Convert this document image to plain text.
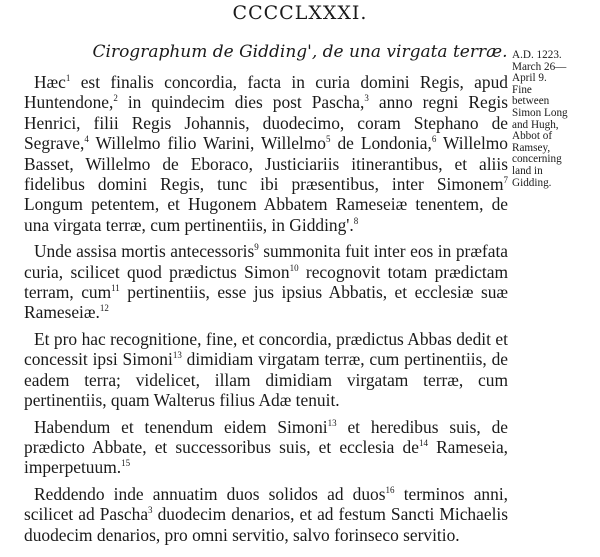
CCCCLXXXI.
Cirographum de Gidding', de una virgata terræ.

Hæc$^1$ est finalis concordia, facta in curia domini Regis, apud Huntendone,$^2$ in quindecim dies post Pascha,$^3$ anno regni Regis Henrici, filii Regis Johannis, duodecimo, coram Stephano de Segrave,$^4$ Willelmo filio Warini, Willelmo$^5$ de Londonia,$^6$ Willelmo Basset, Willelmo de Eboraco, Justiciariis itinerantibus, et aliis fidelibus domini Regis, tunc ibi præsentibus, inter Simonem$^7$ Longum petentem, et Hugonem Abbatem Rameseiæ tenentem, de una virgata terræ, cum pertinentiis, in Gidding'.$^8$

Unde assisa mortis antecessoris$^9$ summonita fuit inter eos in præfata curia, scilicet quod prædictus Simon$^{10}$ recognovit totam prædictam terram, cum$^{11}$ pertinentiis, esse jus ipsius Abbatis, et ecclesiæ suæ Rameseiæ.$^{12}$

Et pro hac recognitione, fine, et concordia, prædictus Abbas dedit et concessit ipsi Simoni$^{13}$ dimidiam virgatam terræ, cum pertinentiis, de eadem terra; videlicet, illam dimidiam virgatam terræ, cum pertinentiis, quam Walterus filius Adæ tenuit.

Habendum et tenendum eidem Simoni$^{13}$ et heredibus suis, de prædicto Abbate, et successoribus suis, et ecclesia $de^{14}$ Rameseia, imperpetuum.$^{15}$

Reddendo inde annuatim duos solidos ad duos$^{16}$ terminos anni, scilicet ad Pascha$^3$ duodecim denarios, et ad festum Sancti Michaelis duodecim denarios, pro omni servitio, salvo forinseco servitio.

A.D. 1223.
March 26—
April 9.
Fine
between
Simon Long
and Hugh,
Abbot of
Ramsey,
concerning
land in
Gidding.
